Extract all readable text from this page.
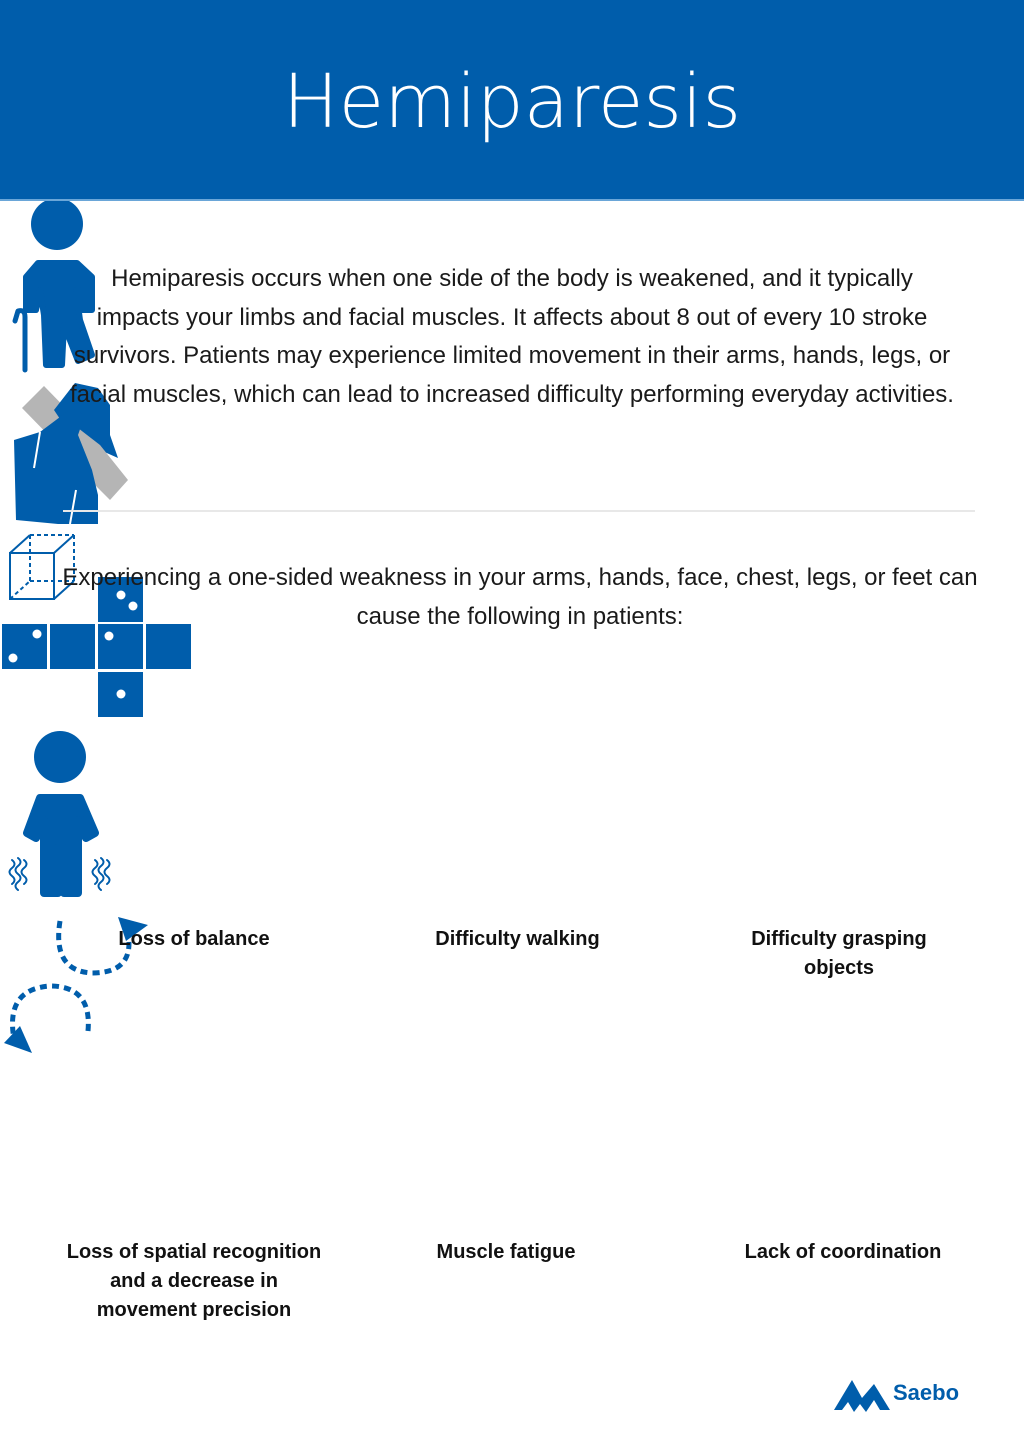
Hemiparesis

Hemiparesis occurs when one side of the body is weakened, and it typically impacts your limbs and facial muscles. It affects about 8 out of every 10 stroke survivors. Patients may experience limited movement in their arms, hands, legs, or facial muscles, which can lead to increased difficulty performing everyday activities.

Experiencing a one-sided weakness in your arms, hands, face, chest, legs, or feet can cause the following in patients:

Loss of balance	Difficulty walking	Difficulty grasping objects
Loss of spatial recognition and a decrease in movement precision
Muscle fatigue	Lack of coordination
Saebo
